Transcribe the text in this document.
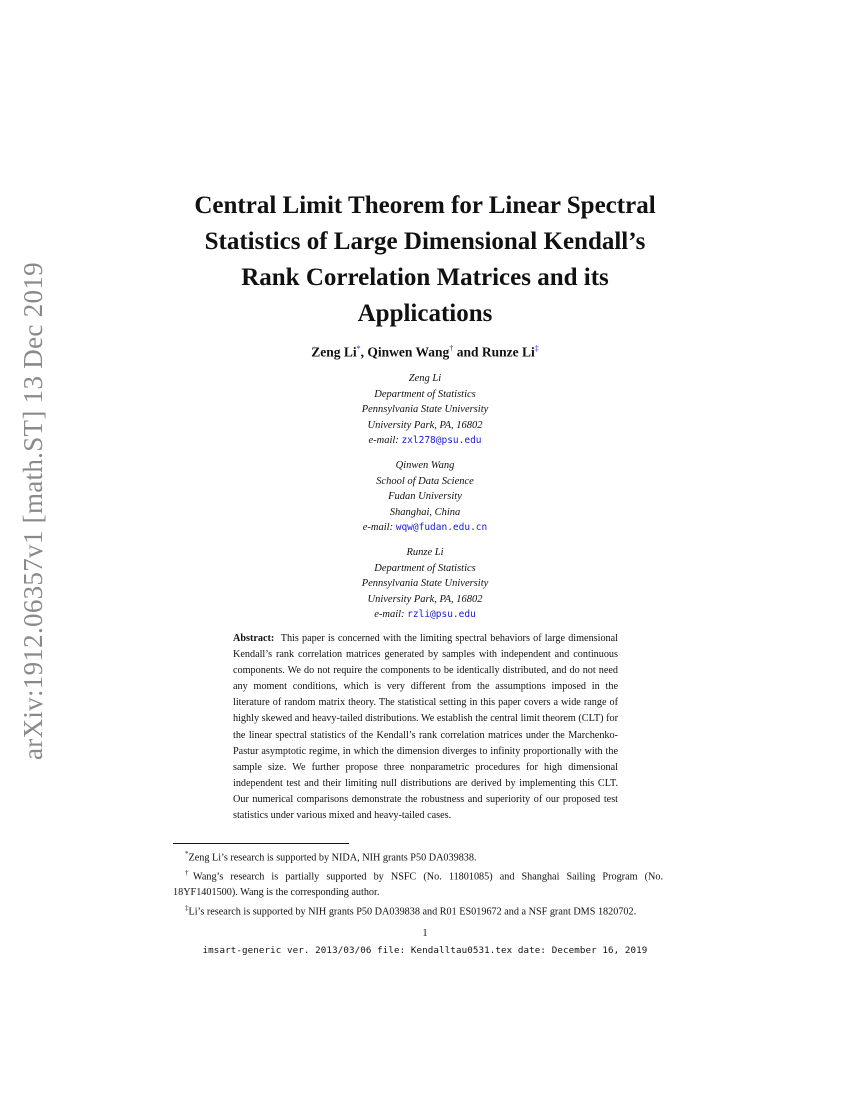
arXiv:1912.06357v1 [math.ST] 13 Dec 2019
Central Limit Theorem for Linear Spectral
Statistics of Large Dimensional Kendall’s
Rank Correlation Matrices and its
Applications
Zeng Li*, Qinwen Wang† and Runze Li‡
Zeng Li
Department of Statistics
Pennsylvania State University
University Park, PA, 16802
e-mail: zxl278@psu.edu
Qinwen Wang
School of Data Science
Fudan University
Shanghai, China
e-mail: wqw@fudan.edu.cn
Runze Li
Department of Statistics
Pennsylvania State University
University Park, PA, 16802
e-mail: rzli@psu.edu
Abstract: This paper is concerned with the limiting spectral behaviors of large dimensional Kendall’s rank correlation matrices generated by samples with independent and continuous components. We do not require the components to be identically distributed, and do not need any moment conditions, which is very different from the assumptions imposed in the literature of random matrix theory. The statistical setting in this paper covers a wide range of highly skewed and heavy-tailed distributions. We establish the central limit theorem (CLT) for the linear spectral statistics of the Kendall’s rank correlation matrices under the Marchenko-Pastur asymptotic regime, in which the dimension diverges to infinity proportionally with the sample size. We further propose three nonparametric procedures for high dimensional independent test and their limiting null distributions are derived by implementing this CLT. Our numerical comparisons demonstrate the robustness and superiority of our proposed test statistics under various mixed and heavy-tailed cases.

*Zeng Li’s research is supported by NIDA, NIH grants P50 DA039838.

†Wang’s research is partially supported by NSFC (No. 11801085) and Shanghai Sailing Program (No. 18YF1401500). Wang is the corresponding author.

‡Li’s research is supported by NIH grants P50 DA039838 and R01 ES019672 and a NSF grant DMS 1820702.

1
imsart-generic ver. 2013/03/06 file: Kendalltau0531.tex date: December 16, 2019
